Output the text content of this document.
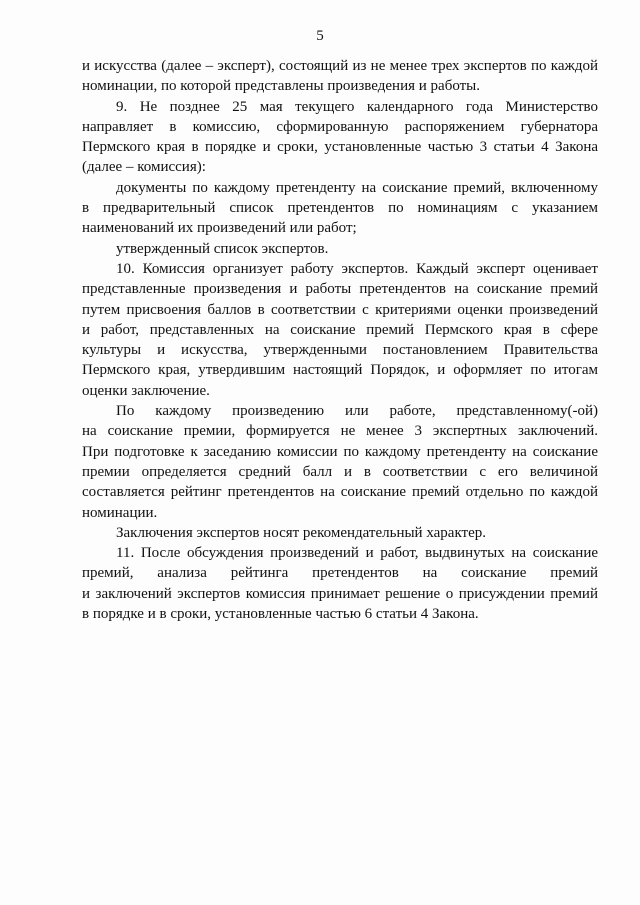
5
и искусства (далее – эксперт), состоящий из не менее трех экспертов по каждой
номинации, по которой представлены произведения и работы.
9. Не позднее 25 мая текущего календарного года Министерство
направляет в комиссию, сформированную распоряжением губернатора
Пермского края в порядке и сроки, установленные частью 3 статьи 4 Закона
(далее – комиссия):
документы по каждому претенденту на соискание премий, включенному
в предварительный список претендентов по номинациям с указанием
наименований их произведений или работ;
утвержденный список экспертов.
10. Комиссия организует работу экспертов. Каждый эксперт оценивает
представленные произведения и работы претендентов на соискание премий
путем присвоения баллов в соответствии с критериями оценки произведений
и работ, представленных на соискание премий Пермского края в сфере
культуры и искусства, утвержденными постановлением Правительства
Пермского края, утвердившим настоящий Порядок, и оформляет по итогам
оценки заключение.
По каждому произведению или работе, представленному(-ой)
на соискание премии, формируется не менее 3 экспертных заключений.
При подготовке к заседанию комиссии по каждому претенденту на соискание
премии определяется средний балл и в соответствии с его величиной
составляется рейтинг претендентов на соискание премий отдельно по каждой
номинации.
Заключения экспертов носят рекомендательный характер.
11. После обсуждения произведений и работ, выдвинутых на соискание
премий, анализа рейтинга претендентов на соискание премий
и заключений экспертов комиссия принимает решение о присуждении премий
в порядке и в сроки, установленные частью 6 статьи 4 Закона.
